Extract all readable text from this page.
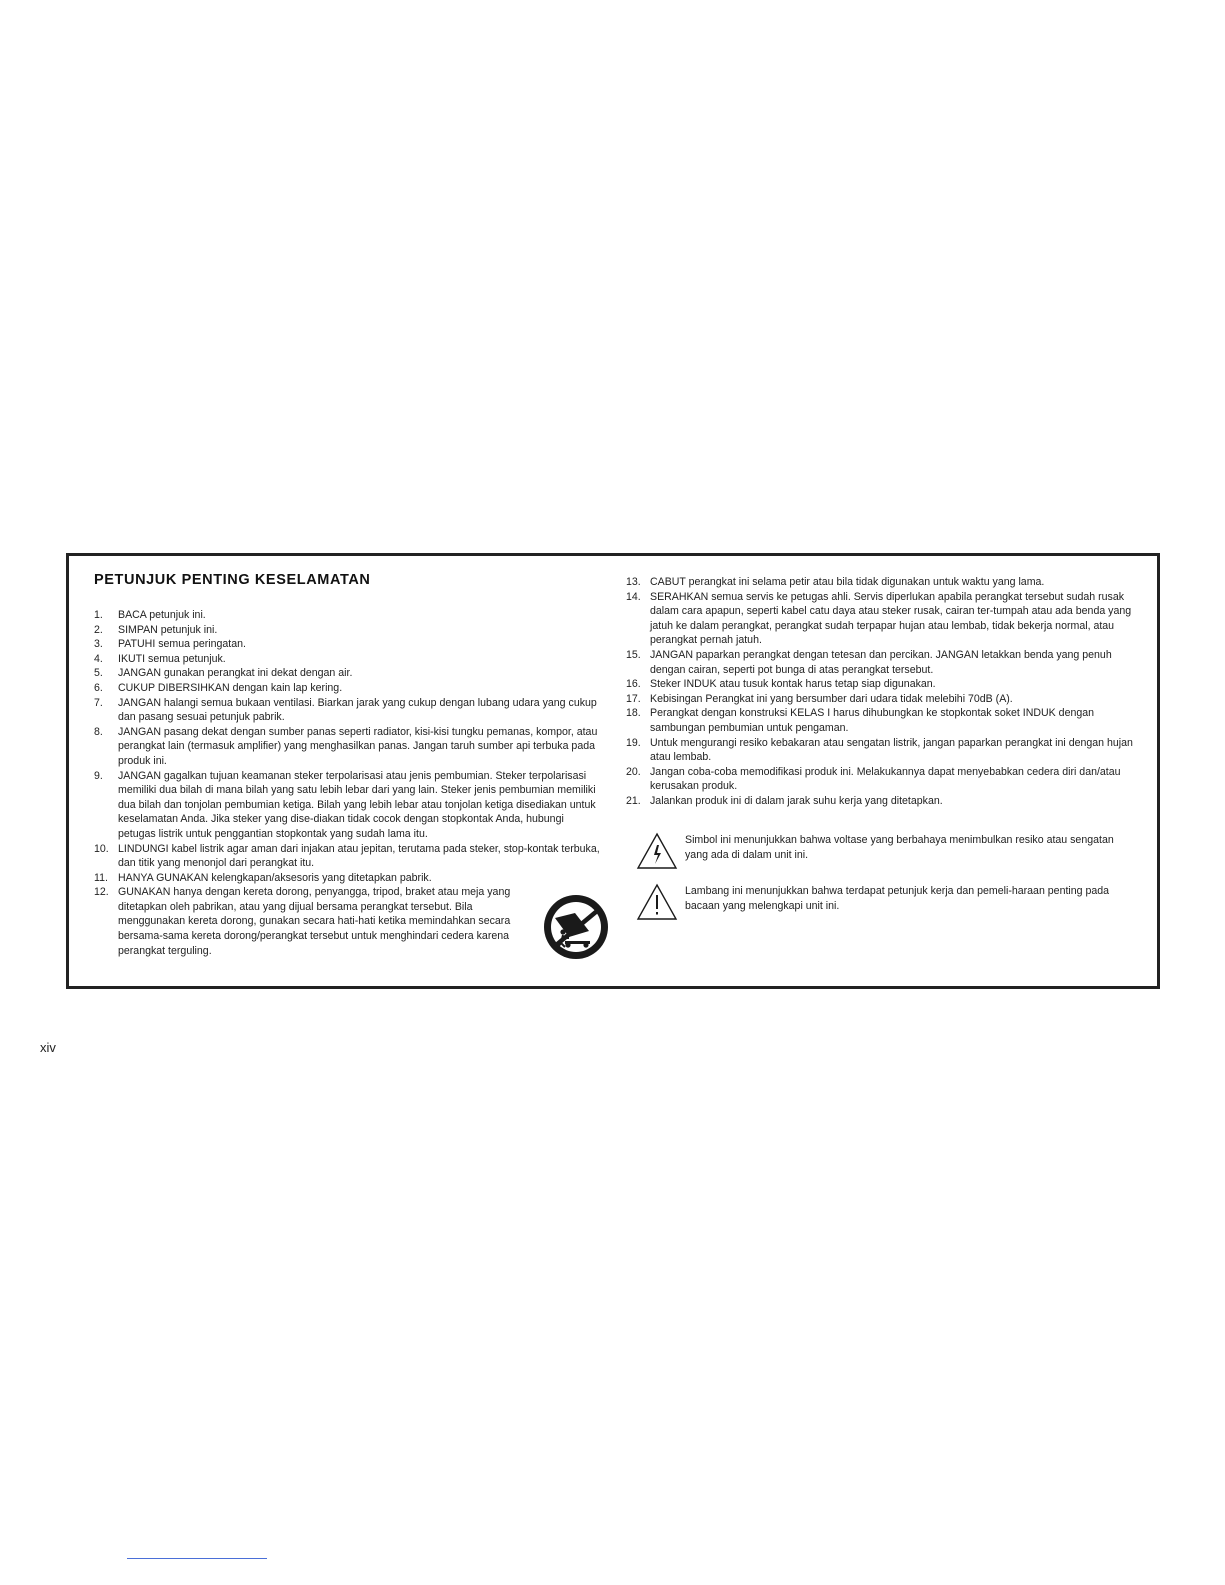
PETUNJUK PENTING KESELAMATAN
1. BACA petunjuk ini.
2. SIMPAN petunjuk ini.
3. PATUHI semua peringatan.
4. IKUTI semua petunjuk.
5. JANGAN gunakan perangkat ini dekat dengan air.
6. CUKUP DIBERSIHKAN dengan kain lap kering.
7. JANGAN halangi semua bukaan ventilasi. Biarkan jarak yang cukup dengan lubang udara yang cukup dan pasang sesuai petunjuk pabrik.
8. JANGAN pasang dekat dengan sumber panas seperti radiator, kisi-kisi tungku pemanas, kompor, atau perangkat lain (termasuk amplifier) yang menghasilkan panas. Jangan taruh sumber api terbuka pada produk ini.
9. JANGAN gagalkan tujuan keamanan steker terpolarisasi atau jenis pembumian. Steker terpolarisasi memiliki dua bilah di mana bilah yang satu lebih lebar dari yang lain. Steker jenis pembumian memiliki dua bilah dan tonjolan pembumian ketiga. Bilah yang lebih lebar atau tonjolan ketiga disediakan untuk keselamatan Anda. Jika steker yang dise-diakan tidak cocok dengan stopkontak Anda, hubungi petugas listrik untuk penggantian stopkontak yang sudah lama itu.
10. LINDUNGI kabel listrik agar aman dari injakan atau jepitan, terutama pada steker, stop-kontak terbuka, dan titik yang menonjol dari perangkat itu.
11. HANYA GUNAKAN kelengkapan/aksesoris yang ditetapkan pabrik.
12. GUNAKAN hanya dengan kereta dorong, penyangga, tripod, braket atau meja yang ditetapkan oleh pabrikan, atau yang dijual bersama perangkat tersebut. Bila menggunakan kereta dorong, gunakan secara hati-hati ketika memindahkan secara bersama-sama kereta dorong/perangkat tersebut untuk menghindari cedera karena perangkat terguling.
13. CABUT perangkat ini selama petir atau bila tidak digunakan untuk waktu yang lama.
14. SERAHKAN semua servis ke petugas ahli. Servis diperlukan apabila perangkat tersebut sudah rusak dalam cara apapun, seperti kabel catu daya atau steker rusak, cairan ter-tumpah atau ada benda yang jatuh ke dalam perangkat, perangkat sudah terpapar hujan atau lembab, tidak bekerja normal, atau perangkat pernah jatuh.
15. JANGAN paparkan perangkat dengan tetesan dan percikan. JANGAN letakkan benda yang penuh dengan cairan, seperti pot bunga di atas perangkat tersebut.
16. Steker INDUK atau tusuk kontak harus tetap siap digunakan.
17. Kebisingan Perangkat ini yang bersumber dari udara tidak melebihi 70dB (A).
18. Perangkat dengan konstruksi KELAS I harus dihubungkan ke stopkontak soket INDUK dengan sambungan pembumian untuk pengaman.
19. Untuk mengurangi resiko kebakaran atau sengatan listrik, jangan paparkan perangkat ini dengan hujan atau lembab.
20. Jangan coba-coba memodifikasi produk ini. Melakukannya dapat menyebabkan cedera diri dan/atau kerusakan produk.
21. Jalankan produk ini di dalam jarak suhu kerja yang ditetapkan.
Simbol ini menunjukkan bahwa voltase yang berbahaya menimbulkan resiko atau sengatan yang ada di dalam unit ini.
Lambang ini menunjukkan bahwa terdapat petunjuk kerja dan pemeli-haraan penting pada bacaan yang melengkapi unit ini.
xiv
